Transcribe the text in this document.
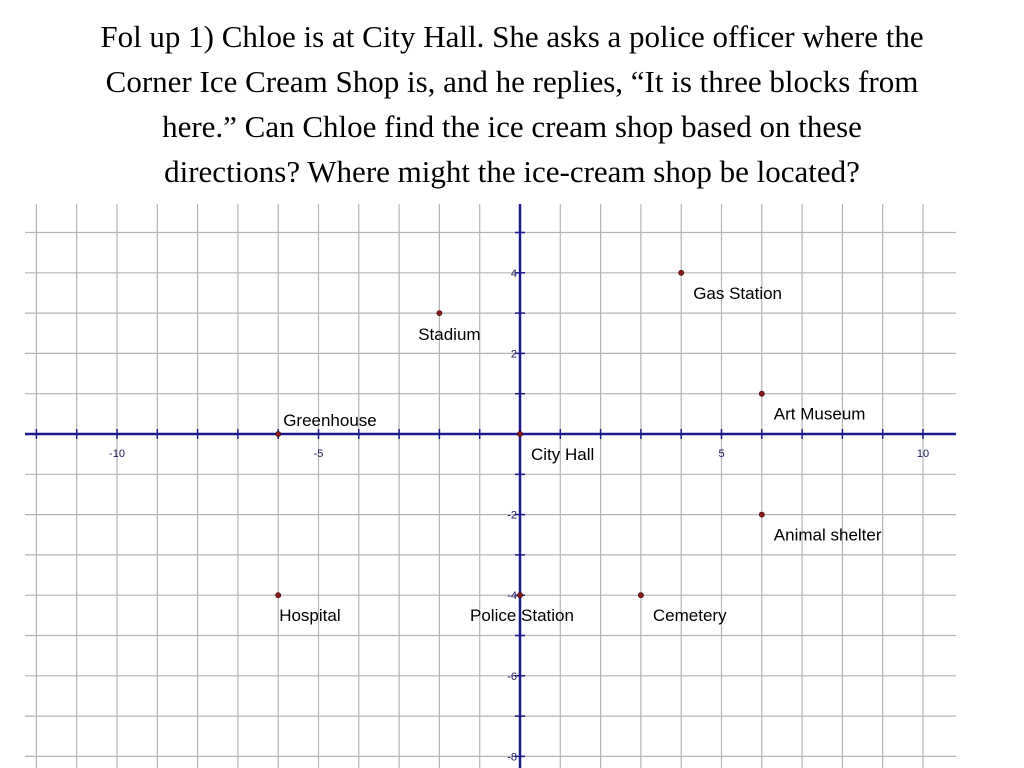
Fol up 1) Chloe is at City Hall. She asks a police officer where the
Corner Ice Cream Shop is, and he replies, “It is three blocks from
here.” Can Chloe find the ice cream shop based on these
directions? Where might the ice-cream shop be located?
-10	-5	5	10
4
2
-2
-4
-6
-8
Gas Station
Stadium
Art Museum
Greenhouse
City Hall
Animal shelter
Hospital	Police Station	Cemetery
